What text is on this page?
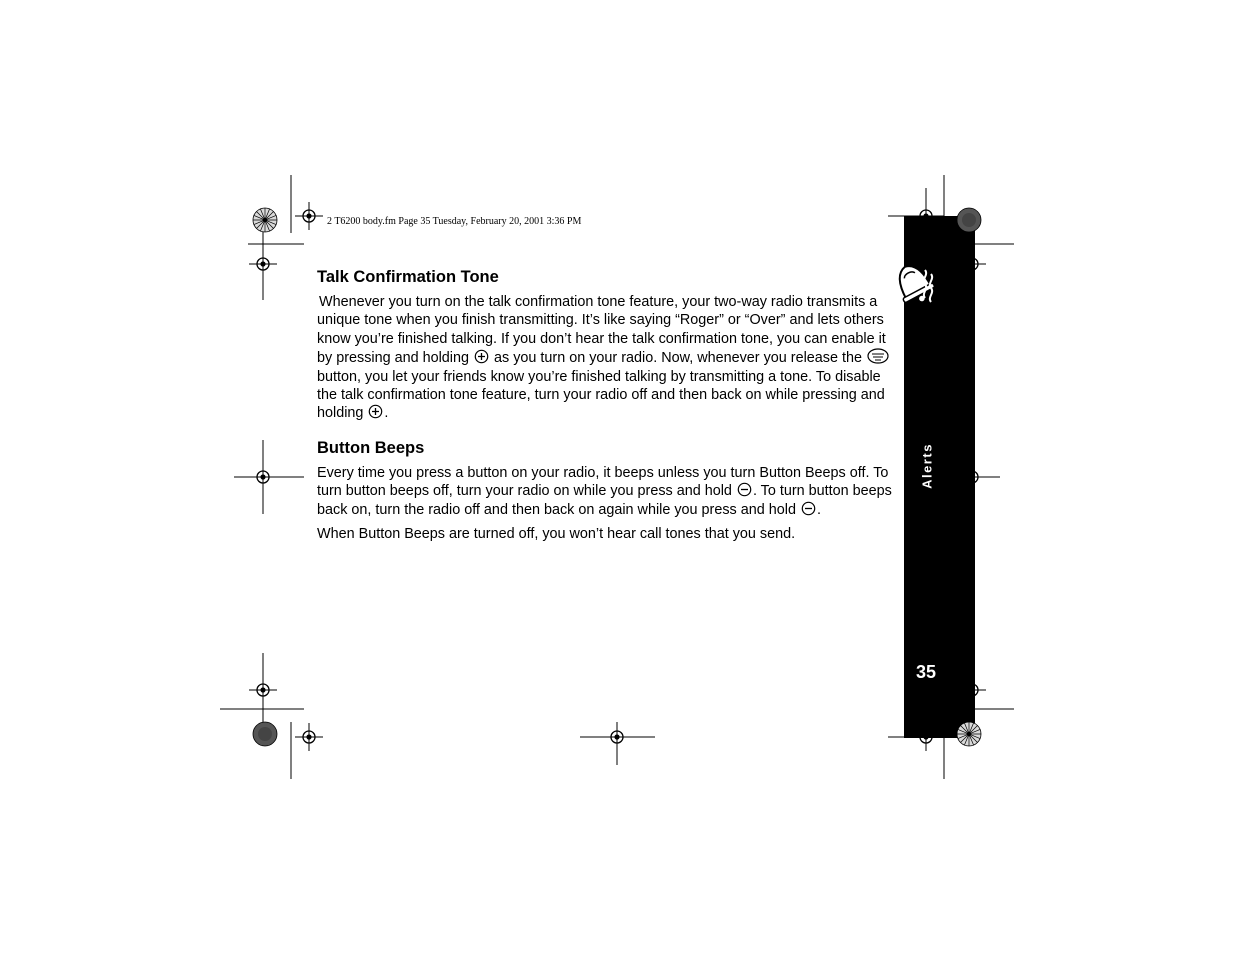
2 T6200 body.fm Page 35 Tuesday, February 20, 2001 3:36 PM
Talk Confirmation Tone

Whenever you turn on the talk confirmation tone feature, your two-way radio transmits a unique tone when you finish transmitting. It’s like saying “Roger” or “Over” and lets others know you’re finished talking. If you don’t hear the talk confirmation tone, you can enable it by pressing and holding  as you turn on your radio. Now, whenever you release the  button, you let your friends know you’re finished talking by transmitting a tone. To disable the talk confirmation tone feature, turn your radio off and then back on while pressing and holding .

Button Beeps

Every time you press a button on your radio, it beeps unless you turn Button Beeps off. To turn button beeps off, turn your radio on while you press and hold . To turn button beeps back on, turn the radio off and then back on again while you press and hold .

When Button Beeps are turned off, you won’t hear call tones that you send.

Alerts
35
